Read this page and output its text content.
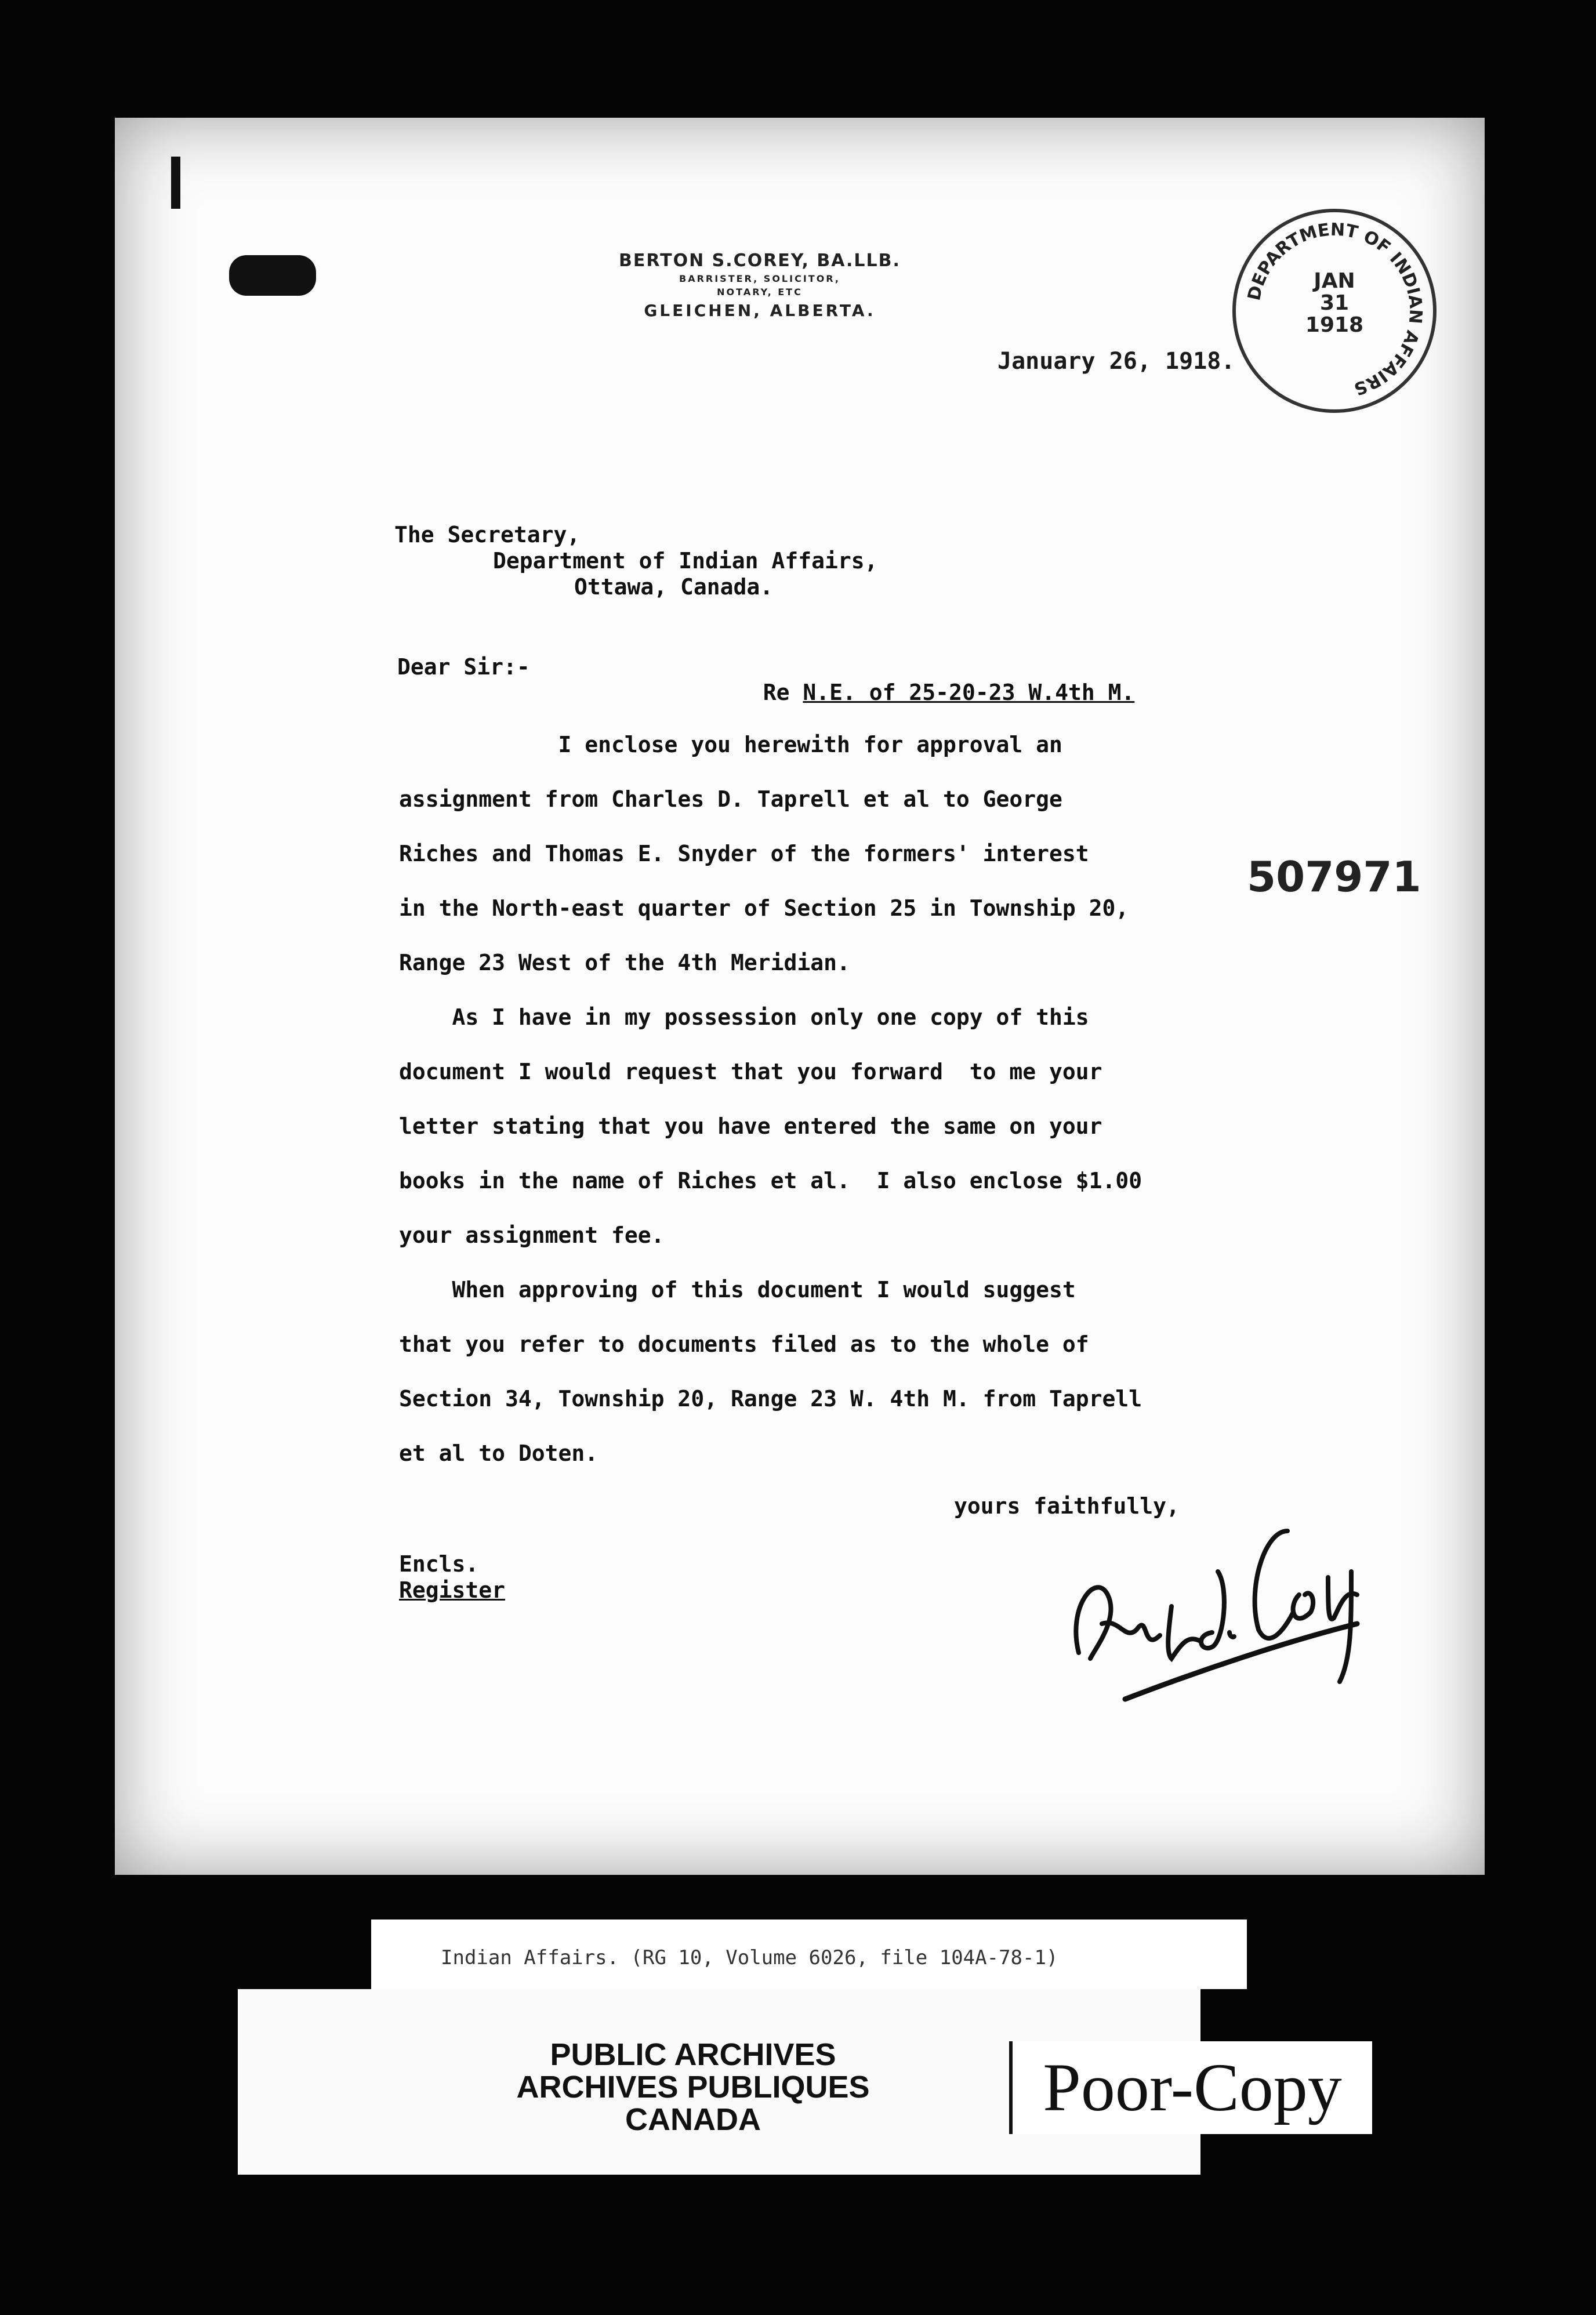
BERTON S.COREY, BA.LLB.
BARRISTER, SOLICITOR,
NOTARY, ETC
GLEICHEN, ALBERTA.
January 26, 1918.
DEPARTMENT OF INDIAN AFFAIRS
JAN
31
1918
The Secretary,
Department of Indian Affairs,
Ottawa, Canada.
Dear Sir:-

Re N.E. of 25-20-23 W.4th M.

I enclose you herewith for approval an
assignment from Charles D. Taprell et al to George
Riches and Thomas E. Snyder of the formers' interest
in the North-east quarter of Section 25 in Township 20,
Range 23 West of the 4th Meridian.
As I have in my possession only one copy of this
document I would request that you forward  to me your
letter stating that you have entered the same on your
books in the name of Riches et al.  I also enclose $1.00
your assignment fee.
When approving of this document I would suggest
that you refer to documents filed as to the whole of
Section 34, Township 20, Range 23 W. 4th M. from Taprell
et al to Doten.
507971
yours faithfully,
Encls.
Register
Indian Affairs. (RG 10, Volume 6026, file 104A-78-1)
PUBLIC ARCHIVES
ARCHIVES PUBLIQUES
CANADA	Poor-Copy
